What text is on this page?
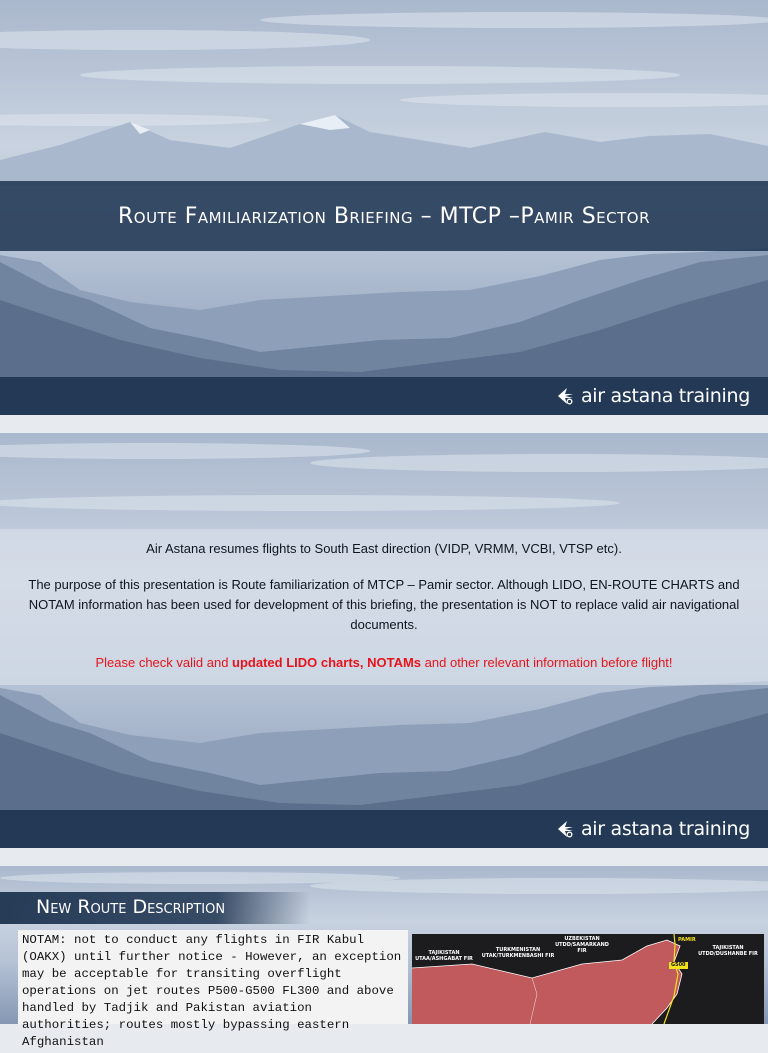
Route Familiarization Briefing – MTCP –Pamir Sector
air astana training
Air Astana resumes flights to South East direction (VIDP, VRMM, VCBI, VTSP etc).
The purpose of this presentation is Route familiarization of MTCP – Pamir sector. Although LIDO, EN-ROUTE CHARTS and NOTAM information has been used for development of this briefing, the presentation is NOT to replace valid air navigational documents.
Please check valid and updated LIDO charts, NOTAMs and other relevant information before flight!
air astana training
New Route Description
NOTAM: not to conduct any flights in FIR Kabul (OAKX) until further notice - However, an exception may be acceptable for transiting overflight operations on jet routes P500-G500 FL300 and above handled by Tadjik and Pakistan aviation authorities; routes mostly bypassing eastern Afghanistan
TAJIKISTAN
UTAA/ASHGABAT FIR
TURKMENISTAN
UTAK/TURKMENBASHI FIR
UZBEKISTAN
UTDD/SAMARKAND
FIR	TAJIKISTAN
UTDD/DUSHANBE FIR
PAMIR
G500
